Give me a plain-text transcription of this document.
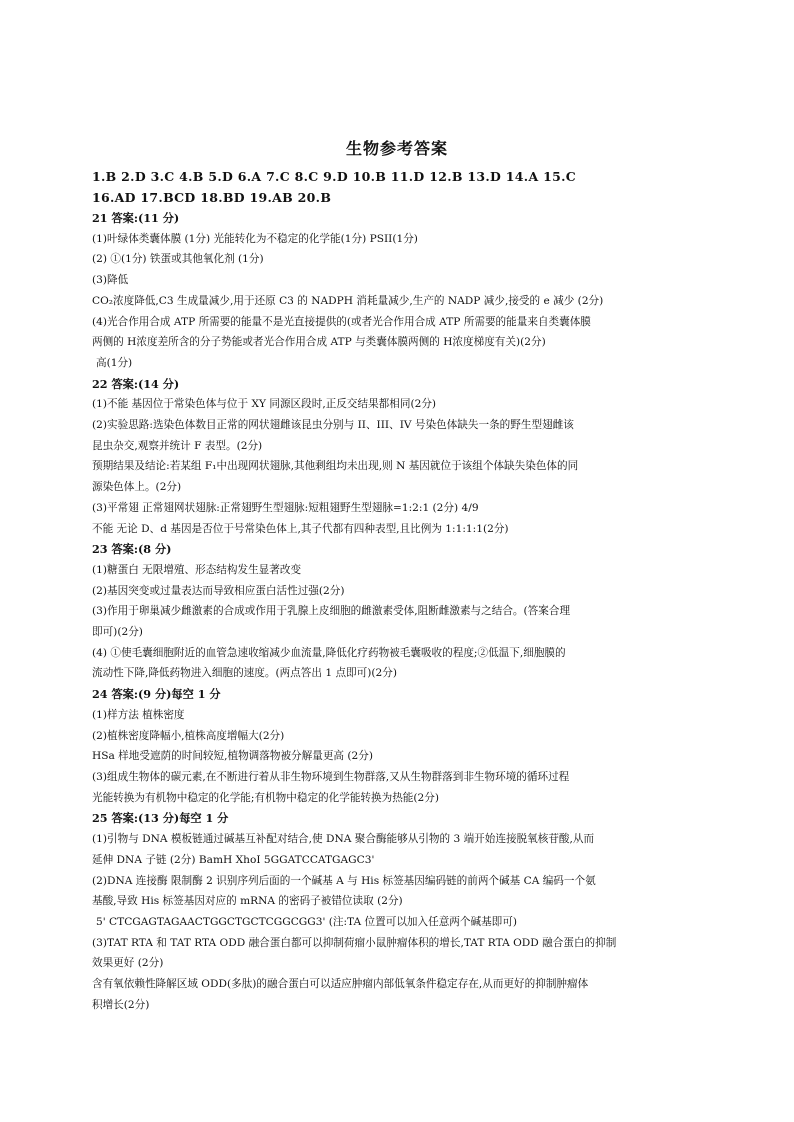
生物参考答案

1.B 2.D 3.C 4.B 5.D 6.A 7.C 8.C 9.D 10.B 11.D 12.B 13.D 14.A 15.C

16.AD 17.BCD 18.BD 19.AB 20.B

21 答案:(11 分)

(1)叶绿体类囊体膜 (1分) 光能转化为不稳定的化学能(1分) PSII(1分)

(2) ①(1分) 铁蛋或其他氧化剂 (1分)

(3)降低

CO₂浓度降低,C3 生成量减少,用于还原 C3 的 NADPH 消耗量减少,生产的 NADP 减少,接受的 e 减少 (2分)

(4)光合作用合成 ATP 所需要的能量不是光直接提供的(或者光合作用合成 ATP 所需要的能量来自类囊体膜

两侧的 H浓度差所含的分子势能或者光合作用合成 ATP 与类囊体膜两侧的 H浓度梯度有关)(2分)

高(1分)

22 答案:(14 分)

(1)不能 基因位于常染色体与位于 XY 同源区段时,正反交结果都相同(2分)

(2)实验思路:选染色体数目正常的网状翅雌该昆虫分别与 II、III、IV 号染色体缺失一条的野生型翅雌该

昆虫杂交,观察并统计 F 表型。(2分)

预期结果及结论:若某组 F₁中出现网状翅脉,其他剩组均未出现,则 N 基因就位于该组个体缺失染色体的同

源染色体上。(2分)

(3)平常翅 正常翅网状翅脉:正常翅野生型翅脉:短粗翅野生型翅脉=1:2:1 (2分) 4/9

不能 无论 D、d 基因是否位于号常染色体上,其子代都有四种表型,且比例为 1:1:1:1(2分)

23 答案:(8 分)

(1)糖蛋白 无限增殖、形态结构发生显著改变

(2)基因突变或过量表达而导致相应蛋白活性过强(2分)

(3)作用于卵巢减少雌激素的合成或作用于乳腺上皮细胞的雌激素受体,阻断雌激素与之结合。(答案合理

即可)(2分)

(4) ①使毛囊细胞附近的血管急速收缩减少血流量,降低化疗药物被毛囊吸收的程度;②低温下,细胞膜的

流动性下降,降低药物进入细胞的速度。(两点答出 1 点即可)(2分)

24 答案:(9 分)每空 1 分

(1)样方法 植株密度

(2)植株密度降幅小,植株高度增幅大(2分)

HSa 样地受遮荫的时间较短,植物调落物被分解量更高 (2分)

(3)组成生物体的碳元素,在不断进行着从非生物环境到生物群落,又从生物群落到非生物环境的循环过程

光能转换为有机物中稳定的化学能;有机物中稳定的化学能转换为热能(2分)

25 答案:(13 分)每空 1 分

(1)引物与 DNA 模板链通过碱基互补配对结合,使 DNA 聚合酶能够从引物的 3 端开始连接脱氧核苷酸,从而

延伸 DNA 子链 (2分) BamH XhoI 5GGATCCATGAGC3'

(2)DNA 连接酶 限制酶 2 识别序列后面的一个碱基 A 与 His 标签基因编码链的前两个碱基 CA 编码一个氨

基酸,导致 His 标签基因对应的 mRNA 的密码子被错位读取 (2分)

5' CTCGAGTAGAACTGGCTGCTCGGCGG3' (注:TA 位置可以加入任意两个碱基即可)

(3)TAT RTA 和 TAT RTA ODD 融合蛋白都可以抑制荷瘤小鼠肿瘤体积的增长,TAT RTA ODD 融合蛋白的抑制

效果更好 (2分)

含有氧依赖性降解区域 ODD(多肽)的融合蛋白可以适应肿瘤内部低氧条件稳定存在,从而更好的抑制肿瘤体

积增长(2分)
